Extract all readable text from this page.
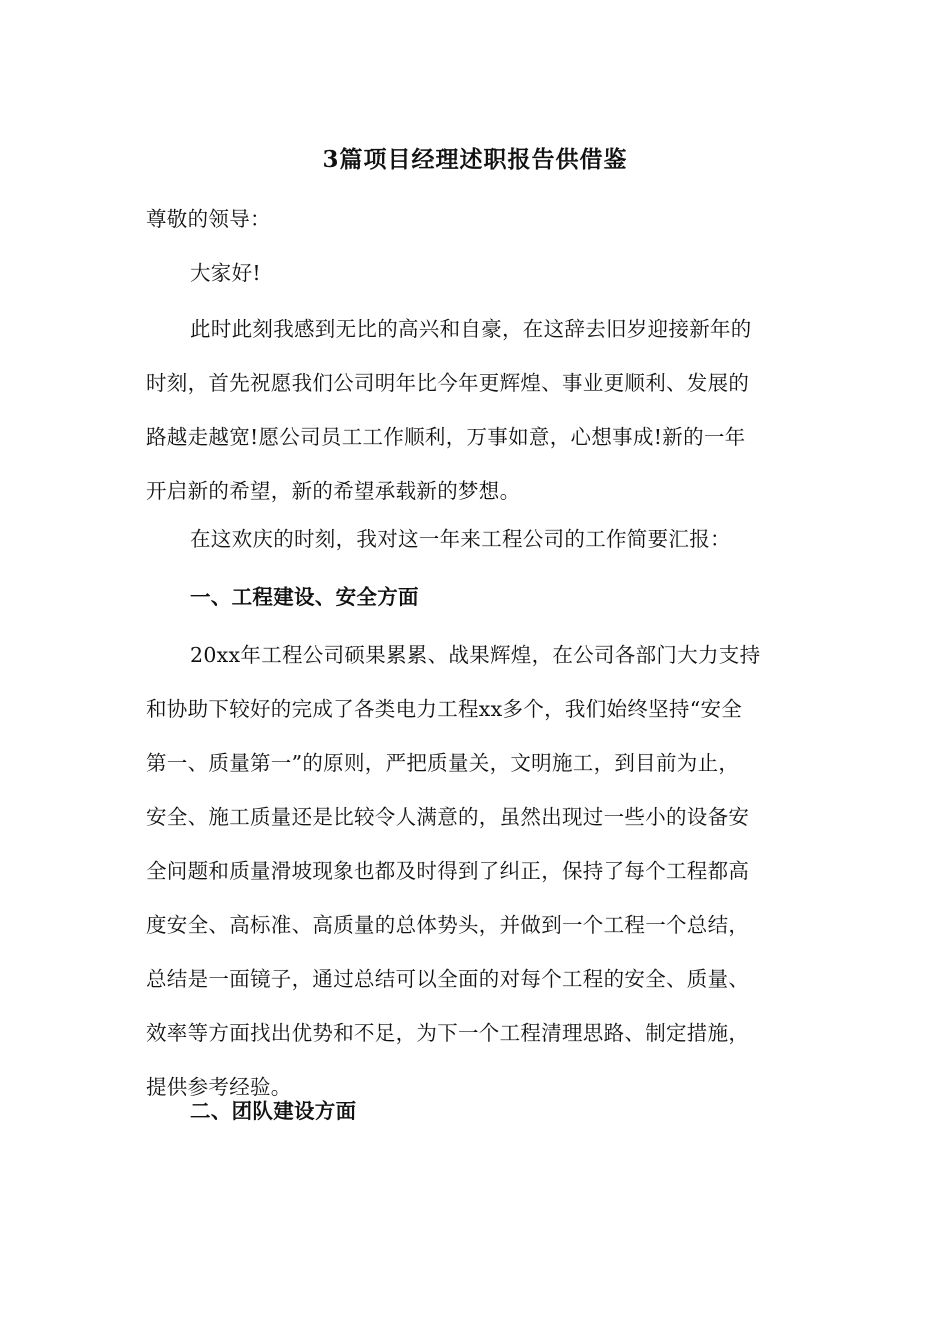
3篇项目经理述职报告供借鉴
尊敬的领导：
大家好!
此时此刻我感到无比的高兴和自豪，在这辞去旧岁迎接新年的
时刻，首先祝愿我们公司明年比今年更辉煌、事业更顺利、发展的
路越走越宽!愿公司员工工作顺利，万事如意，心想事成!新的一年
开启新的希望，新的希望承载新的梦想。
在这欢庆的时刻，我对这一年来工程公司的工作简要汇报：
一、工程建设、安全方面
20xx年工程公司硕果累累、战果辉煌，在公司各部门大力支持
和协助下较好的完成了各类电力工程xx多个，我们始终坚持“安全
第一、质量第一”的原则，严把质量关，文明施工，到目前为止，
安全、施工质量还是比较令人满意的，虽然出现过一些小的设备安
全问题和质量滑坡现象也都及时得到了纠正，保持了每个工程都高
度安全、高标准、高质量的总体势头，并做到一个工程一个总结，
总结是一面镜子，通过总结可以全面的对每个工程的安全、质量、
效率等方面找出优势和不足，为下一个工程清理思路、制定措施，
提供参考经验。
二、团队建设方面
